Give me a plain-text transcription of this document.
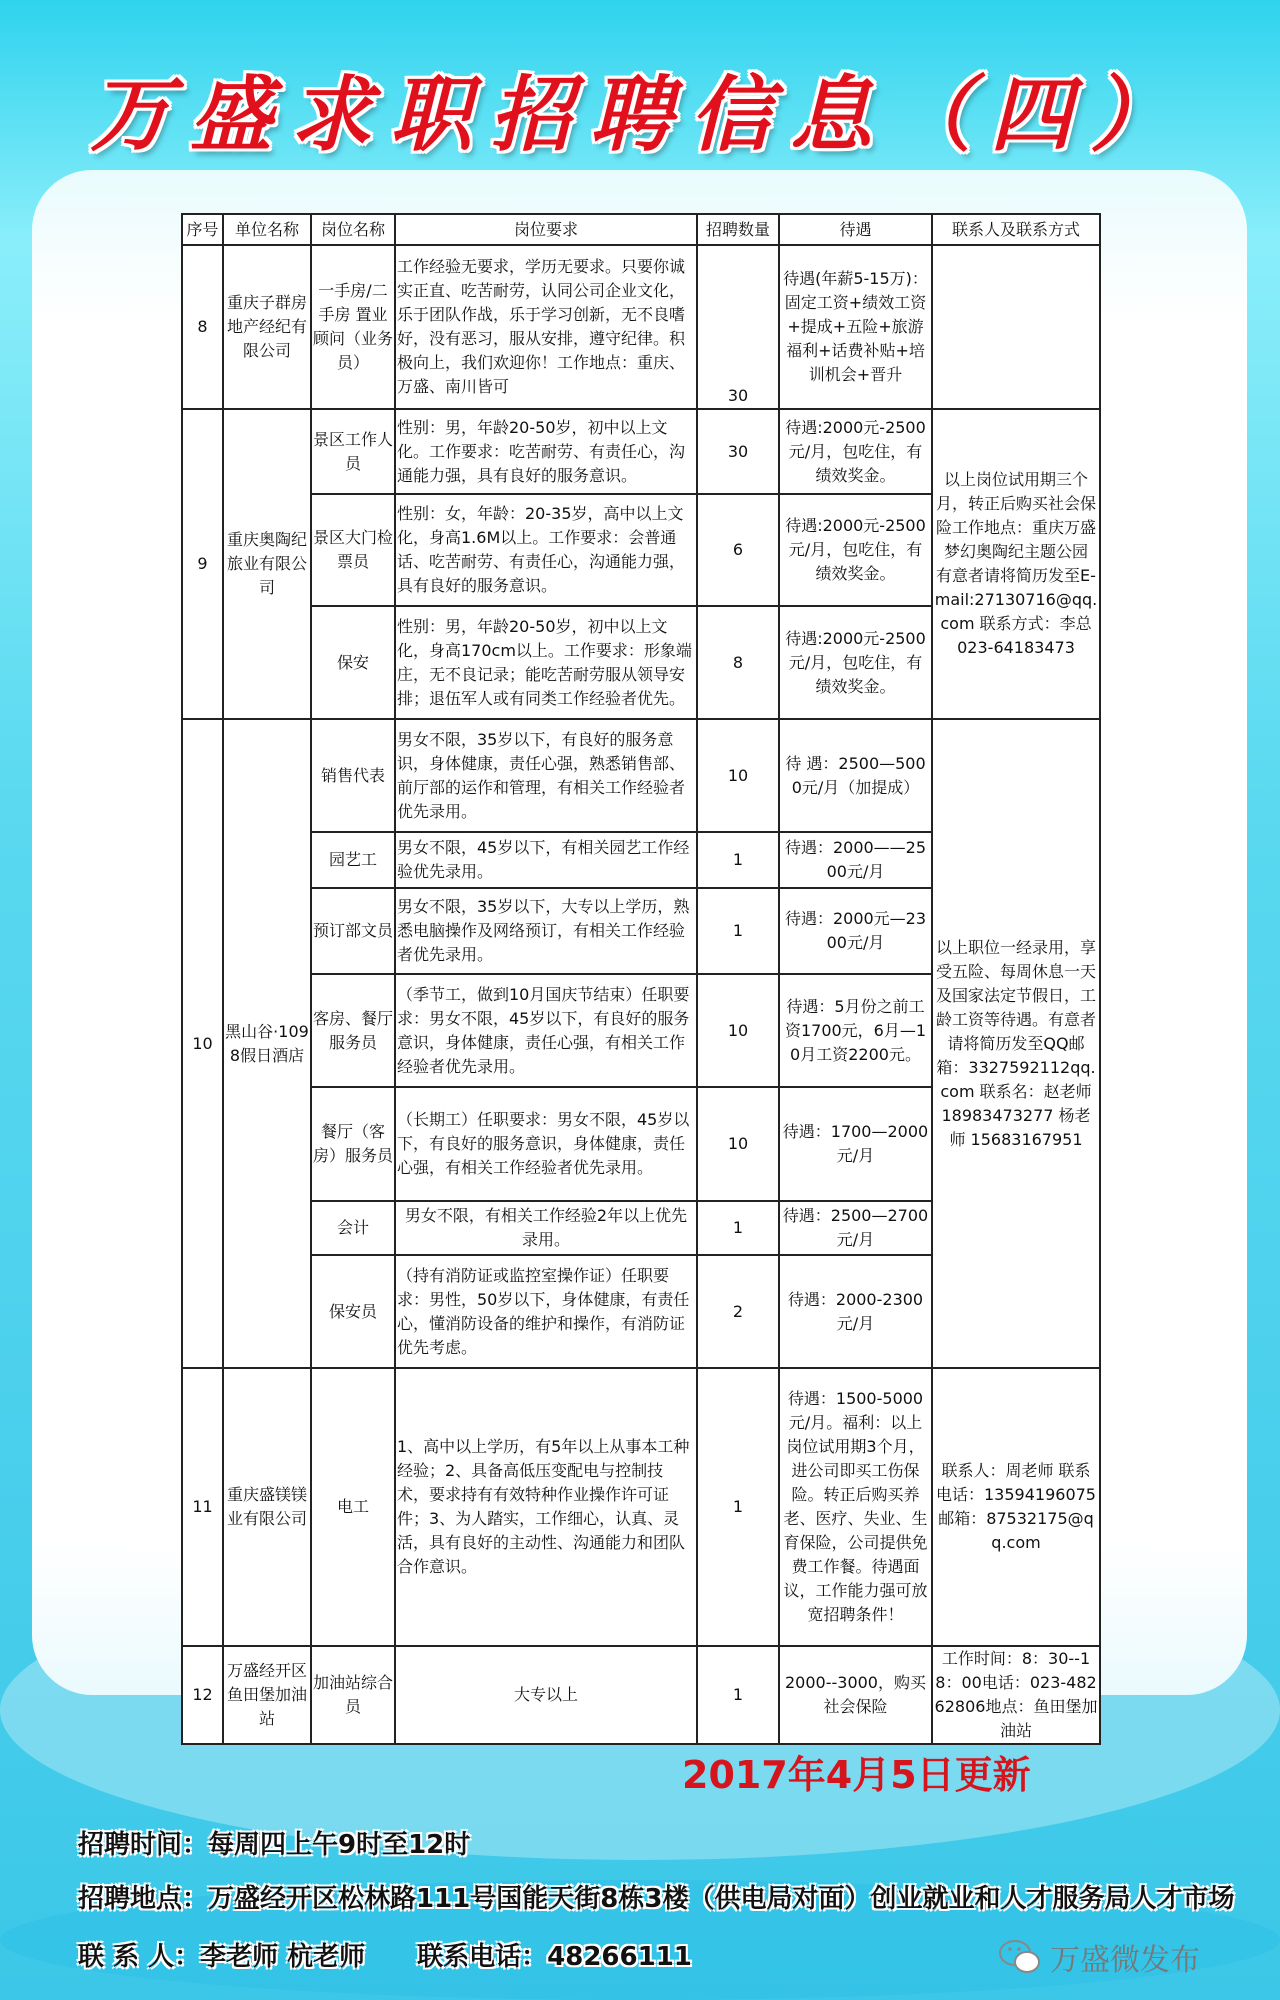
万盛求职招聘信息（四）
序号	单位名称	岗位名称	岗位要求	招聘数量	待遇	联系人及联系方式
8	重庆子群房地产经纪有限公司	一手房/二手房 置业顾问（业务员）	工作经验无要求，学历无要求。只要你诚实正直、吃苦耐劳，认同公司企业文化，乐于团队作战，乐于学习创新，无不良嗜好，没有恶习，服从安排，遵守纪律。积极向上，我们欢迎你！工作地点：重庆、万盛、南川皆可	30	待遇(年薪5-15万)：固定工资+绩效工资+提成+五险+旅游福利+话费补贴+培训机会+晋升	
9	重庆奥陶纪旅业有限公司	景区工作人员	性别：男，年龄20-50岁，初中以上文化。工作要求：吃苦耐劳、有责任心，沟通能力强，具有良好的服务意识。	30	待遇:2000元-2500元/月，包吃住，有绩效奖金。	以上岗位试用期三个月，转正后购买社会保险工作地点：重庆万盛梦幻奥陶纪主题公园 有意者请将简历发至E-mail:27130716@qq.com 联系方式：李总 023-64183473
		景区大门检票员	性别：女，年龄：20-35岁，高中以上文化，身高1.6M以上。工作要求：会普通话、吃苦耐劳、有责任心，沟通能力强，具有良好的服务意识。	6	待遇:2000元-2500元/月，包吃住，有绩效奖金。	
		保安	性别：男，年龄20-50岁，初中以上文化，身高170cm以上。工作要求：形象端庄，无不良记录；能吃苦耐劳服从领导安排；退伍军人或有同类工作经验者优先。	8	待遇:2000元-2500元/月，包吃住，有绩效奖金。	
10	黑山谷·1098假日酒店	销售代表	男女不限，35岁以下，有良好的服务意识，身体健康，责任心强，熟悉销售部、前厅部的运作和管理，有相关工作经验者优先录用。	10	待 遇：2500—5000元/月（加提成）	以上职位一经录用，享受五险、每周休息一天及国家法定节假日，工龄工资等待遇。有意者请将简历发至QQ邮箱：3327592112qq.com 联系名：赵老师 18983473277 杨老师 15683167951
		园艺工	男女不限，45岁以下，有相关园艺工作经验优先录用。	1	待遇：2000——2500元/月	
		预订部文员	男女不限，35岁以下，大专以上学历，熟悉电脑操作及网络预订，有相关工作经验者优先录用。	1	待遇：2000元—2300元/月	
		客房、餐厅服务员	（季节工，做到10月国庆节结束）任职要求：男女不限，45岁以下，有良好的服务意识，身体健康，责任心强，有相关工作经验者优先录用。	10	待遇：5月份之前工资1700元，6月—10月工资2200元。	
		餐厅（客房）服务员	（长期工）任职要求：男女不限，45岁以下，有良好的服务意识，身体健康，责任心强，有相关工作经验者优先录用。	10	待遇：1700—2000元/月	
		会计	男女不限，有相关工作经验2年以上优先录用。	1	待遇：2500—2700元/月	
		保安员	（持有消防证或监控室操作证）任职要求：男性，50岁以下，身体健康，有责任心，懂消防设备的维护和操作，有消防证优先考虑。	2	待遇：2000-2300元/月	
11	重庆盛镁镁业有限公司	电工	1、高中以上学历，有5年以上从事本工种经验；2、具备高低压变配电与控制技术，要求持有有效特种作业操作许可证件；3、为人踏实，工作细心，认真、灵活，具有良好的主动性、沟通能力和团队合作意识。	1	待遇：1500-5000元/月。福利：以上岗位试用期3个月，进公司即买工伤保险。转正后购买养老、医疗、失业、生育保险，公司提供免费工作餐。待遇面议，工作能力强可放宽招聘条件！	联系人：周老师 联系电话：13594196075 邮箱：87532175@qq.com
12	万盛经开区鱼田堡加油站	加油站综合员	大专以上	1	2000--3000，购买社会保险	工作时间：8：30--18：00电话：023-48262806地点：鱼田堡加油站
2017年4月5日更新
招聘时间：每周四上午9时至12时
招聘地点：万盛经开区松林路111号国能天街8栋3楼（供电局对面）创业就业和人才服务局人才市场
联 系 人：李老师 杭老师　　联系电话：48266111	万盛微发布
